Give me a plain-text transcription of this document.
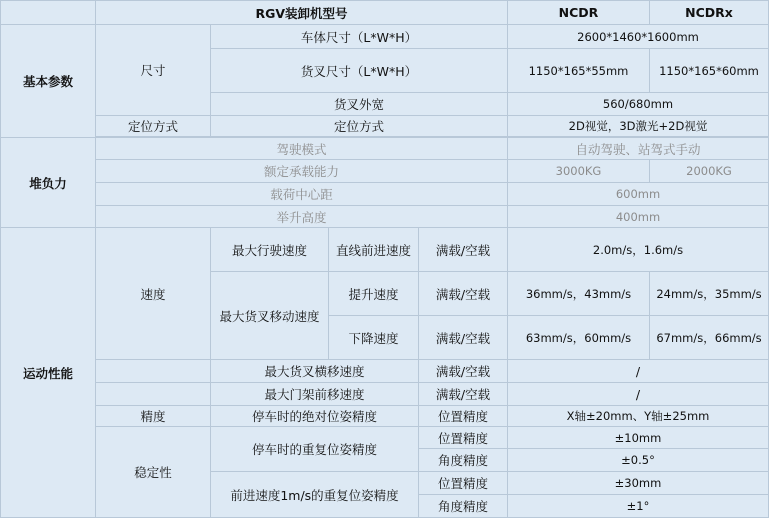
	RGV装卸机型号				NCDR	NCDRx
基本参数	尺寸	车体尺寸（L*W*H）			2600*1460*1600mm	
		货叉尺寸（L*W*H）			1150*165*55mm	1150*165*60mm
		货叉外宽			560/680mm	
	定位方式	定位方式			2D视觉，3D激光+2D视觉	

堆负力	驾驶模式				自动驾驶、站驾式手动	
	额定承载能力				3000KG	2000KG
	载荷中心距				600mm	
	举升高度				400mm	
运动性能	速度	最大行驶速度	直线前进速度	满载/空载	2.0m/s，1.6m/s	
		最大货叉移动速度	提升速度	满载/空载	36mm/s，43mm/s	24mm/s，35mm/s
			下降速度	满载/空载	63mm/s，60mm/s	67mm/s，66mm/s
		最大货叉横移速度		满载/空载	/	
		最大门架前移速度		满载/空载	/	
	精度	停车时的绝对位姿精度		位置精度	X轴±20mm、Y轴±25mm	
	稳定性	停车时的重复位姿精度		位置精度	±10mm	
				角度精度	±0.5°	
		前进速度1m/s的重复位姿精度		位置精度	±30mm	
				角度精度	±1°	
